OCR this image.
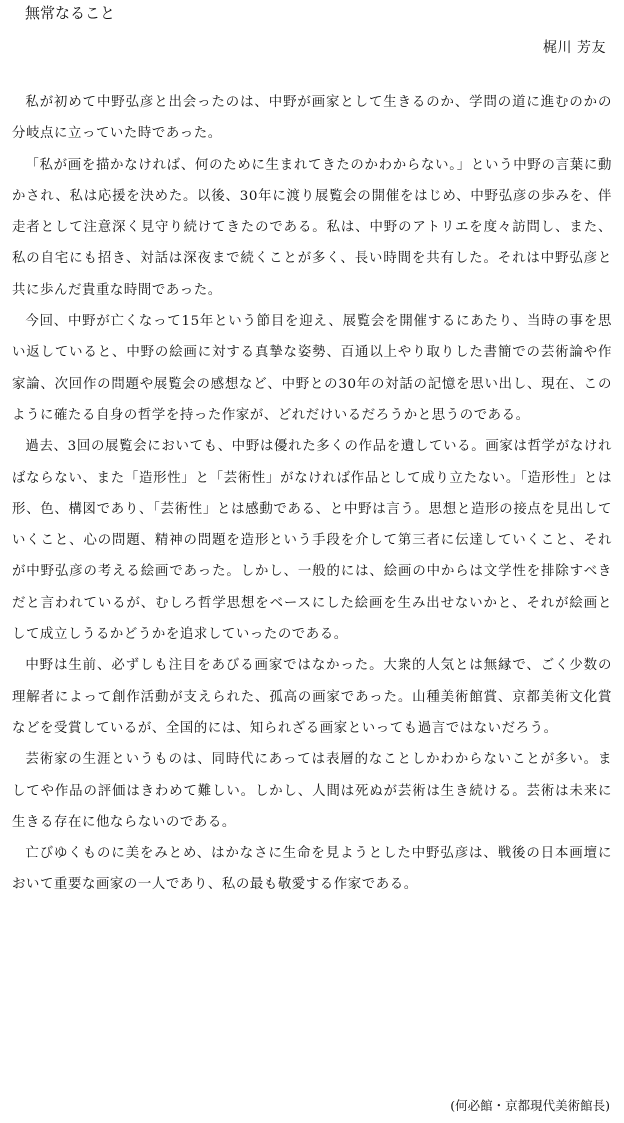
無常なること
梶川 芳友

私が初めて中野弘彦と出会ったのは、中野が画家として生きるのか、学問の道に進むのかの分岐点に立っていた時であった。

「私が画を描かなければ、何のために生まれてきたのかわからない。」という中野の言葉に動かされ、私は応援を決めた。以後、30年に渡り展覧会の開催をはじめ、中野弘彦の歩みを、伴走者として注意深く見守り続けてきたのである。私は、中野のアトリエを度々訪問し、また、私の自宅にも招き、対話は深夜まで続くことが多く、長い時間を共有した。それは中野弘彦と共に歩んだ貴重な時間であった。

今回、中野が亡くなって15年という節目を迎え、展覧会を開催するにあたり、当時の事を思い返していると、中野の絵画に対する真摯な姿勢、百通以上やり取りした書簡での芸術論や作家論、次回作の問題や展覧会の感想など、中野との30年の対話の記憶を思い出し、現在、このように確たる自身の哲学を持った作家が、どれだけいるだろうかと思うのである。

過去、3回の展覧会においても、中野は優れた多くの作品を遺している。画家は哲学がなければならない、また「造形性」と「芸術性」がなければ作品として成り立たない。「造形性」とは形、色、構図であり、「芸術性」とは感動である、と中野は言う。思想と造形の接点を見出していくこと、心の問題、精神の問題を造形という手段を介して第三者に伝達していくこと、それが中野弘彦の考える絵画であった。しかし、一般的には、絵画の中からは文学性を排除すべきだと言われているが、むしろ哲学思想をベースにした絵画を生み出せないかと、それが絵画として成立しうるかどうかを追求していったのである。

中野は生前、必ずしも注目をあびる画家ではなかった。大衆的人気とは無縁で、ごく少数の理解者によって創作活動が支えられた、孤高の画家であった。山種美術館賞、京都美術文化賞などを受賞しているが、全国的には、知られざる画家といっても過言ではないだろう。

芸術家の生涯というものは、同時代にあっては表層的なことしかわからないことが多い。ましてや作品の評価はきわめて難しい。しかし、人間は死ぬが芸術は生き続ける。芸術は未来に生きる存在に他ならないのである。

亡びゆくものに美をみとめ、はかなさに生命を見ようとした中野弘彦は、戦後の日本画壇において重要な画家の一人であり、私の最も敬愛する作家である。

(何必館・京都現代美術館長)
